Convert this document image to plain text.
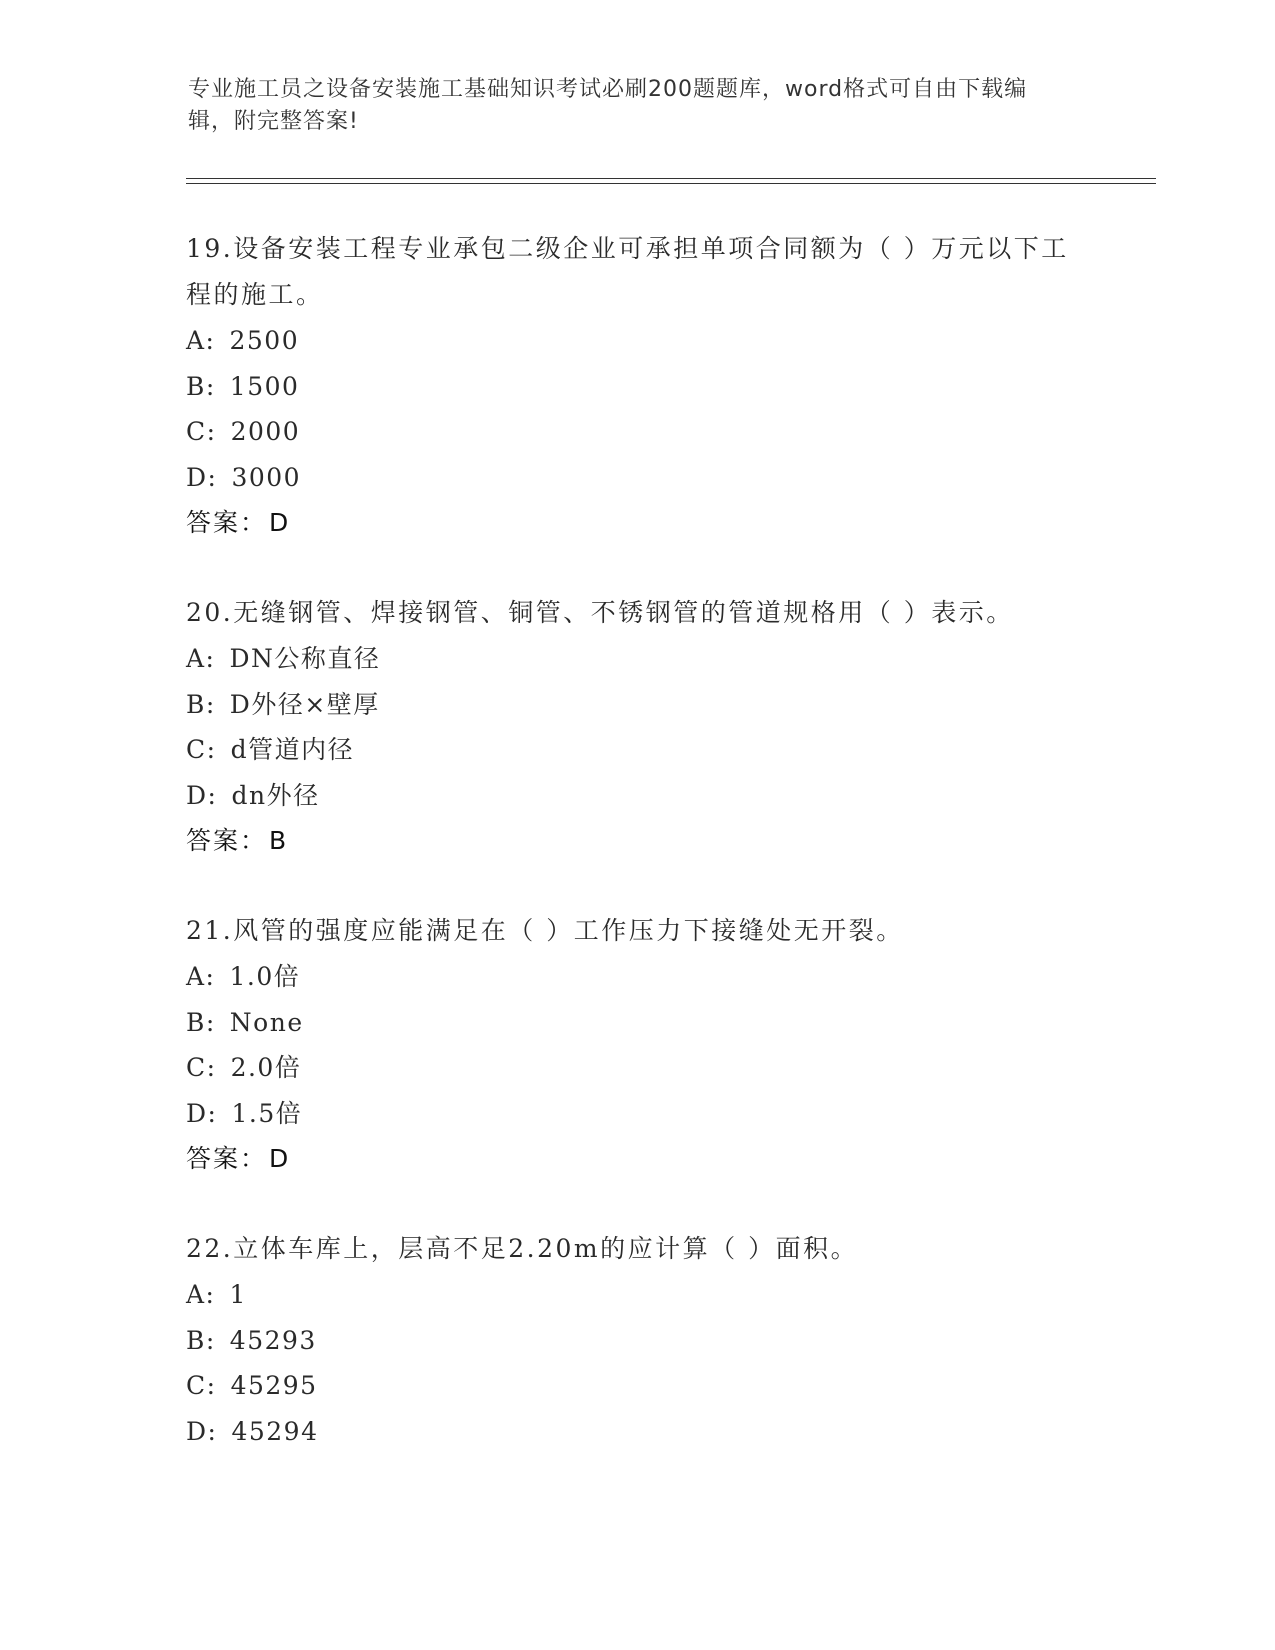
专业施工员之设备安装施工基础知识考试必刷200题题库，word格式可自由下载编辑，附完整答案!

19.设备安装工程专业承包二级企业可承担单项合同额为（ ）万元以下工程的施工。

A: 2500
B: 1500
C: 2000
D: 3000
答案：D

20.无缝钢管、焊接钢管、铜管、不锈钢管的管道规格用（ ）表示。

A: DN公称直径
B: D外径×壁厚
C: d管道内径
D: dn外径
答案：B

21.风管的强度应能满足在（ ）工作压力下接缝处无开裂。

A: 1.0倍
B: None
C: 2.0倍
D: 1.5倍
答案：D

22.立体车库上，层高不足2.20m的应计算（ ）面积。

A: 1
B: 45293
C: 45295
D: 45294
